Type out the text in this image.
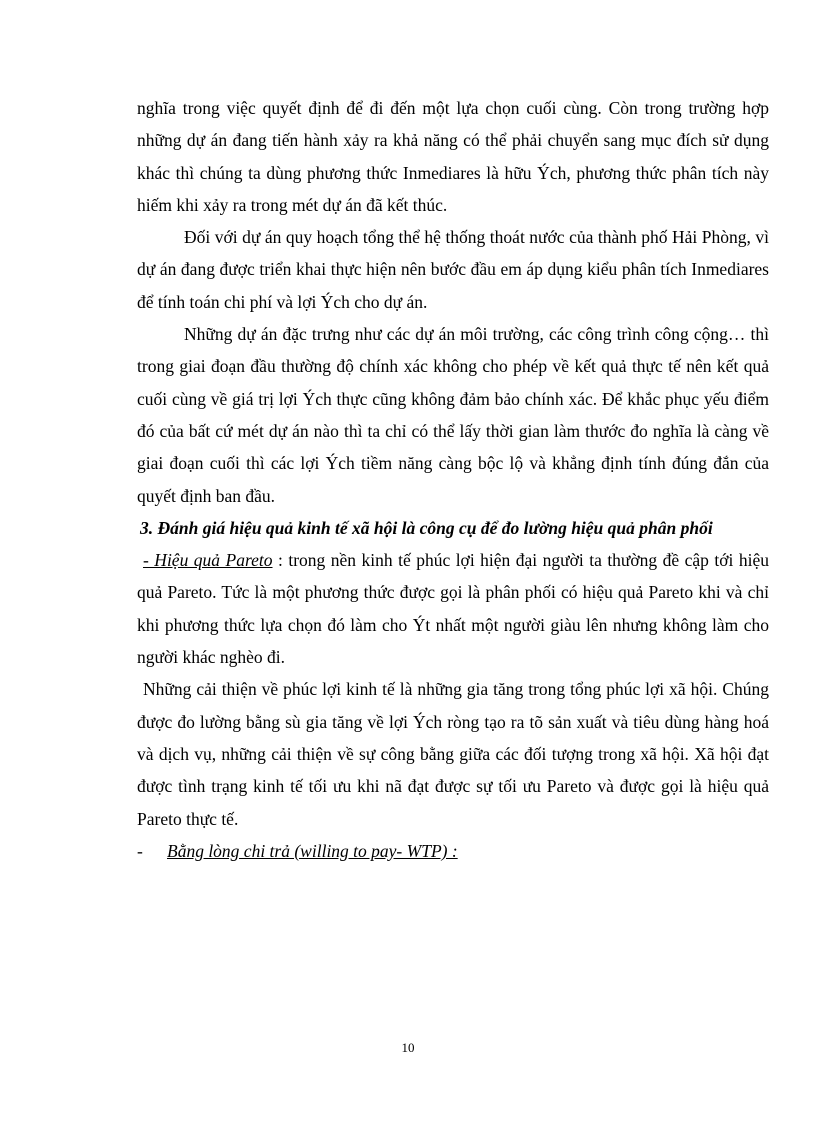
nghĩa trong việc quyết định để đi đến một lựa chọn cuối cùng. Còn trong trường hợp những dự án đang tiến hành xảy ra khả năng có thể phải chuyển sang mục đích sử dụng khác thì chúng ta dùng phương thức Inmediares là hữu Ých, phương thức phân tích này hiếm khi xảy ra trong mét dự án đã kết thúc.

Đối với dự án quy hoạch tổng thể hệ thống thoát nước của thành phố Hải Phòng, vì dự án đang được triển khai thực hiện nên bước đầu em áp dụng kiểu phân tích Inmediares để tính toán chi phí và lợi Ých cho dự án.

Những dự án đặc trưng như các dự án môi trường, các công trình công cộng… thì trong giai đoạn đầu thường độ chính xác không cho phép về kết quả thực tế nên kết quả cuối cùng về giá trị lợi Ých thực cũng không đảm bảo chính xác. Để khắc phục yếu điểm đó của bất cứ mét dự án nào thì ta chỉ có thể lấy thời gian làm thước đo nghĩa là càng về giai đoạn cuối thì các lợi Ých tiềm năng càng bộc lộ và khẳng định tính đúng đắn của quyết định ban đầu.

3. Đánh giá hiệu quả kinh tế xã hội là công cụ để đo lường hiệu quả phân phối

- Hiệu quả Pareto : trong nền kinh tế phúc lợi hiện đại người ta thường đề cập tới hiệu quả Pareto. Tức là một phương thức được gọi là phân phối có hiệu quả Pareto khi và chỉ khi phương thức lựa chọn đó làm cho Ýt nhất một người giàu lên nhưng không làm cho người khác nghèo đi.

Những cải thiện về phúc lợi kinh tế là những gia tăng trong tổng phúc lợi xã hội. Chúng được đo lường bằng sù gia tăng về lợi Ých ròng tạo ra tõ sản xuất và tiêu dùng hàng hoá và dịch vụ, những cải thiện về sự công bằng giữa các đối tượng trong xã hội. Xã hội đạt được tình trạng kinh tế tối ưu khi nã đạt được sự tối ưu Pareto và được gọi là hiệu quả Pareto thực tế.

- Bằng lòng chi trả (willing to pay- WTP) :

10
